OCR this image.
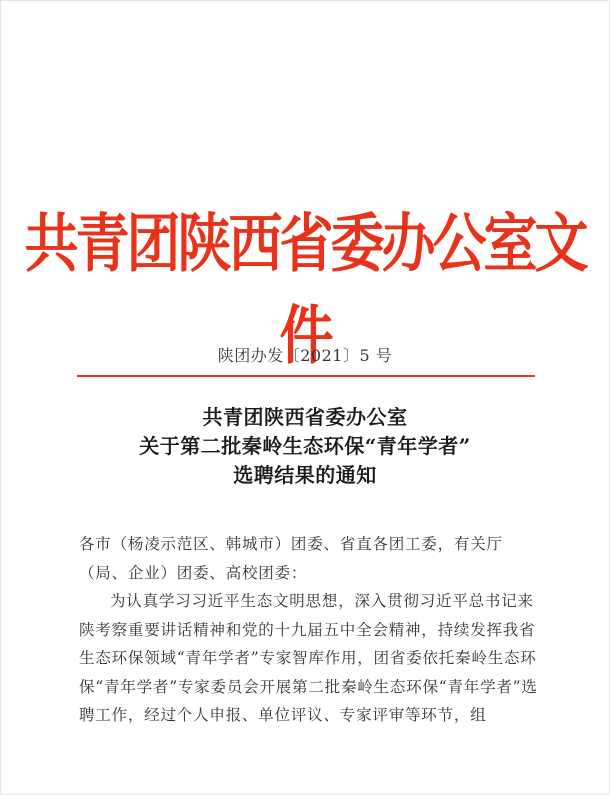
共青团陕西省委办公室文件
陕团办发〔2021〕5 号
共青团陕西省委办公室
关于第二批秦岭生态环保“青年学者”
选聘结果的通知

各市（杨凌示范区、韩城市）团委、省直各团工委，有关厅（局、企业）团委、高校团委：

为认真学习习近平生态文明思想，深入贯彻习近平总书记来陕考察重要讲话精神和党的十九届五中全会精神，持续发挥我省生态环保领域“青年学者”专家智库作用，团省委依托秦岭生态环保“青年学者”专家委员会开展第二批秦岭生态环保“青年学者”选聘工作，经过个人申报、单位评议、专家评审等环节，组
